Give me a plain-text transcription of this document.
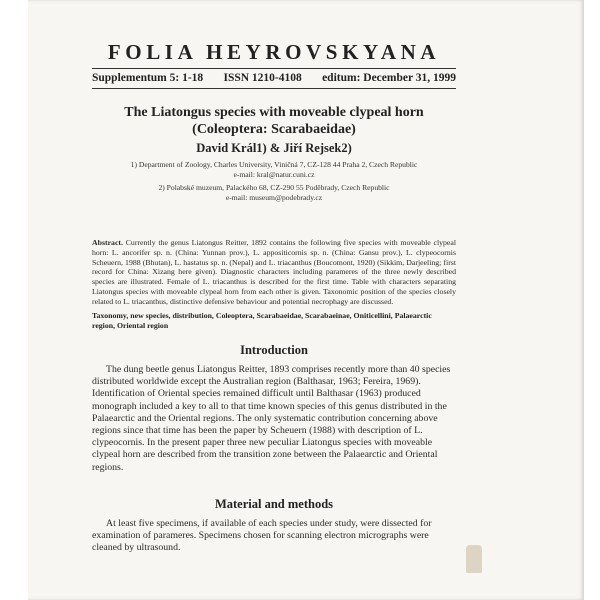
FOLIA HEYROVSKYANA
Supplementum 5: 1-18 ISSN 1210-4108 editum: December 31, 1999
The Liatongus species with moveable clypeal horn
(Coleoptera: Scarabaeidae)
David Král1) & Jiří Rejsek2)
1) Department of Zoology, Charles University, Viničná 7, CZ-128 44 Praha 2, Czech Republic
e-mail: kral@natur.cuni.cz
2) Polabské muzeum, Palackého 68, CZ-290 55 Poděbrady, Czech Republic
e-mail: museum@podebrady.cz
Abstract. Currently the genus Liatongus Reitter, 1892 contains the following five species with moveable clypeal horn: L. ancorifer sp. n. (China: Yunnan prov.), L. appositicornis sp. n. (China: Gansu prov.), L. clypeocornis Scheuern, 1988 (Bhutan), L. hastatus sp. n. (Nepal) and L. triacanthus (Boucomont, 1920) (Sikkim, Darjeeling; first record for China: Xizang here given). Diagnostic characters including parameres of the three newly described species are illustrated. Female of L. triacanthus is described for the first time. Table with characters separating Liatongus species with moveable clypeal horn from each other is given. Taxonomic position of the species closely related to L. triacanthus, distinctive defensive behaviour and potential necrophagy are discussed.
Taxonomy, new species, distribution, Coleoptera, Scarabaeidae, Scarabaeinae, Oniticellini, Palaearctic region, Oriental region
Introduction
The dung beetle genus Liatongus Reitter, 1893 comprises recently more than 40 species distributed worldwide except the Australian region (Balthasar, 1963; Fereira, 1969). Identification of Oriental species remained difficult until Balthasar (1963) produced monograph included a key to all to that time known species of this genus distributed in the Palaearctic and the Oriental regions. The only systematic contribution concerning above regions since that time has been the paper by Scheuern (1988) with description of L. clypeocornis. In the present paper three new peculiar Liatongus species with moveable clypeal horn are described from the transition zone between the Palaearctic and Oriental regions.
Material and methods
At least five specimens, if available of each species under study, were dissected for examination of parameres. Specimens chosen for scanning electron micrographs were cleaned by ultrasound.
